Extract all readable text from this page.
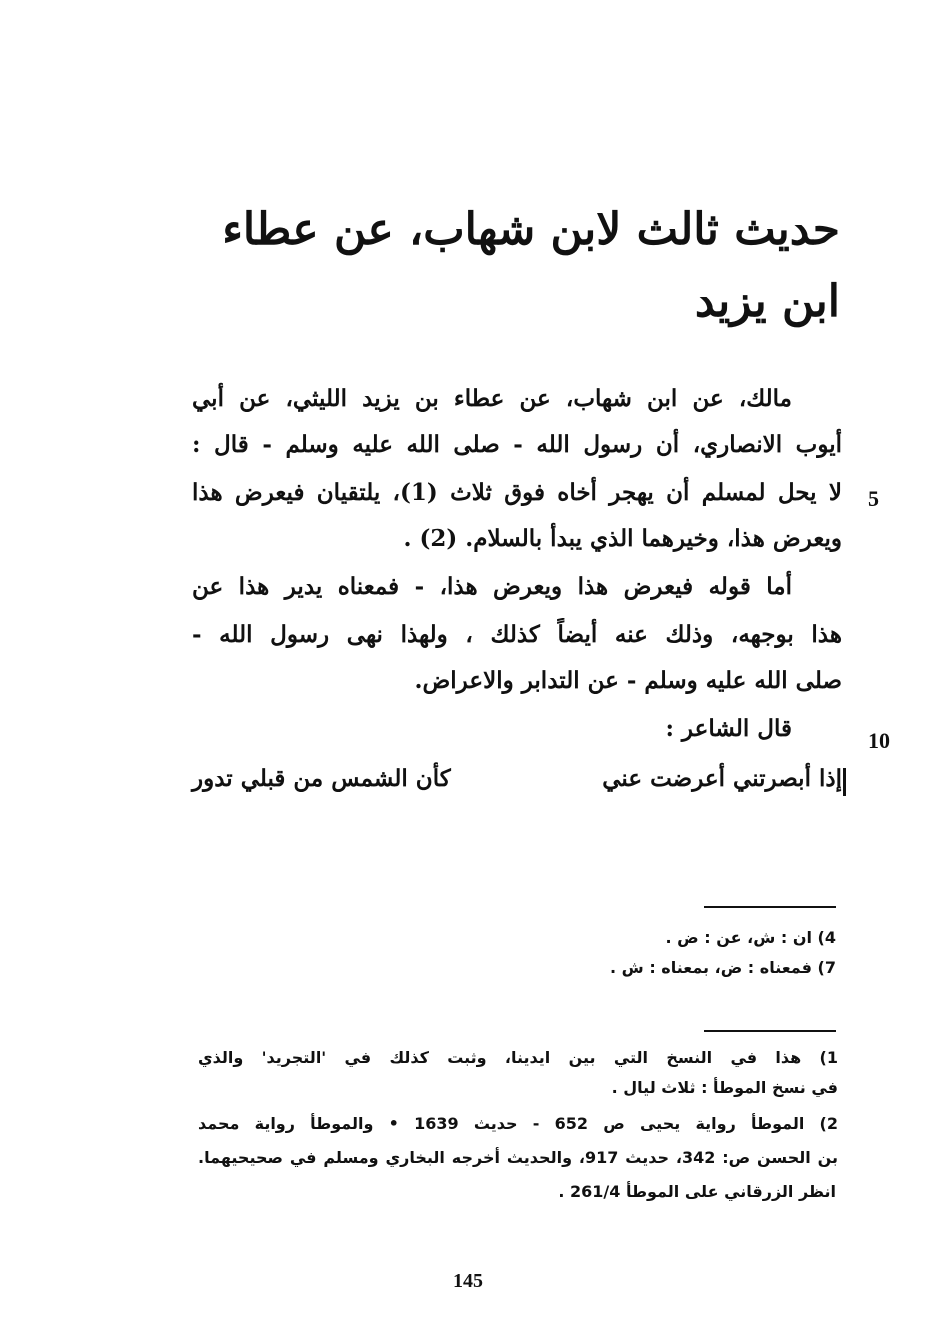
حديث ثالث لابن شهاب، عن عطاء
ابن يزيد
مالك، عن ابن شهاب، عن عطاء بن يزيد الليثي، عن أبي
أيوب الانصاري، أن رسول الله - صلى الله عليه وسلم - قال :
لا يحل لمسلم أن يهجر أخاه فوق ثلاث (1)، يلتقيان فيعرض هذا
ويعرض هذا، وخيرهما الذي يبدأ بالسلام. (2) .
5
أما قوله فيعرض هذا ويعرض هذا، - فمعناه يدير هذا عن
هذا بوجهه، وذلك عنه أيضاً كذلك ، ولهذا نهى رسول الله -
صلى الله عليه وسلم - عن التدابر والاعراض.
قال الشاعر :	10
إذا أبصرتني أعرضت عني
كأن الشمس من قبلي تدور
4) ان : ش، عن : ض .
7) فمعناه : ض، بمعناه : ش .
1) هذا في النسخ التي بين ايدينا، وثبت كذلك في 'التجريد' والذي
في نسخ الموطأ : ثلاث ليال .
2) الموطأ رواية يحيى ص 652 - حديث 1639 • والموطأ رواية محمد
بن الحسن ص: 342، حديث 917، والحديث أخرجه البخاري ومسلم في صحيحيهما.
انظر الزرقاني على الموطأ 261/4 .
145
